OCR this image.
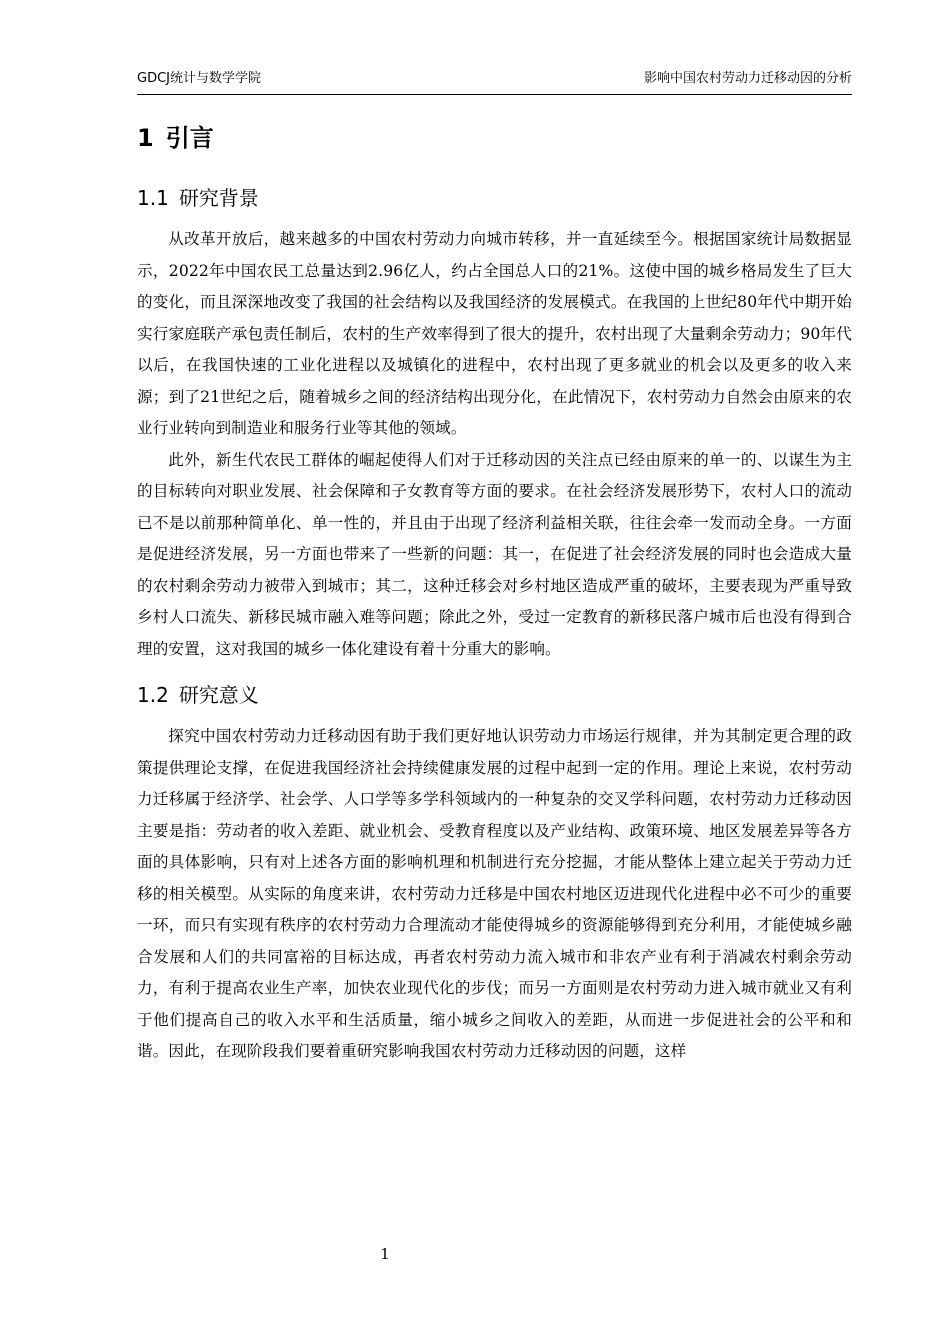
GDCJ统计与数学学院	影响中国农村劳动力迁移动因的分析
1 引言
1.1 研究背景

从改革开放后，越来越多的中国农村劳动力向城市转移，并一直延续至今。根据国家统计局数据显示，2022年中国农民工总量达到2.96亿人，约占全国总人口的21%。这使中国的城乡格局发生了巨大的变化，而且深深地改变了我国的社会结构以及我国经济的发展模式。在我国的上世纪80年代中期开始实行家庭联产承包责任制后，农村的生产效率得到了很大的提升，农村出现了大量剩余劳动力；90年代以后，在我国快速的工业化进程以及城镇化的进程中，农村出现了更多就业的机会以及更多的收入来源；到了21世纪之后，随着城乡之间的经济结构出现分化，在此情况下，农村劳动力自然会由原来的农业行业转向到制造业和服务行业等其他的领域。

此外，新生代农民工群体的崛起使得人们对于迁移动因的关注点已经由原来的单一的、以谋生为主的目标转向对职业发展、社会保障和子女教育等方面的要求。在社会经济发展形势下，农村人口的流动已不是以前那种简单化、单一性的，并且由于出现了经济利益相关联，往往会牵一发而动全身。一方面是促进经济发展，另一方面也带来了一些新的问题：其一，在促进了社会经济发展的同时也会造成大量的农村剩余劳动力被带入到城市；其二，这种迁移会对乡村地区造成严重的破坏，主要表现为严重导致乡村人口流失、新移民城市融入难等问题；除此之外，受过一定教育的新移民落户城市后也没有得到合理的安置，这对我国的城乡一体化建设有着十分重大的影响。

1.2 研究意义

探究中国农村劳动力迁移动因有助于我们更好地认识劳动力市场运行规律，并为其制定更合理的政策提供理论支撑，在促进我国经济社会持续健康发展的过程中起到一定的作用。理论上来说，农村劳动力迁移属于经济学、社会学、人口学等多学科领域内的一种复杂的交叉学科问题，农村劳动力迁移动因主要是指：劳动者的收入差距、就业机会、受教育程度以及产业结构、政策环境、地区发展差异等各方面的具体影响，只有对上述各方面的影响机理和机制进行充分挖掘，才能从整体上建立起关于劳动力迁移的相关模型。从实际的角度来讲，农村劳动力迁移是中国农村地区迈进现代化进程中必不可少的重要一环，而只有实现有秩序的农村劳动力合理流动才能使得城乡的资源能够得到充分利用，才能使城乡融合发展和人们的共同富裕的目标达成，再者农村劳动力流入城市和非农产业有利于消减农村剩余劳动力，有利于提高农业生产率，加快农业现代化的步伐；而另一方面则是农村劳动力进入城市就业又有利于他们提高自己的收入水平和生活质量，缩小城乡之间收入的差距，从而进一步促进社会的公平和和谐。因此，在现阶段我们要着重研究影响我国农村劳动力迁移动因的问题，这样

1
